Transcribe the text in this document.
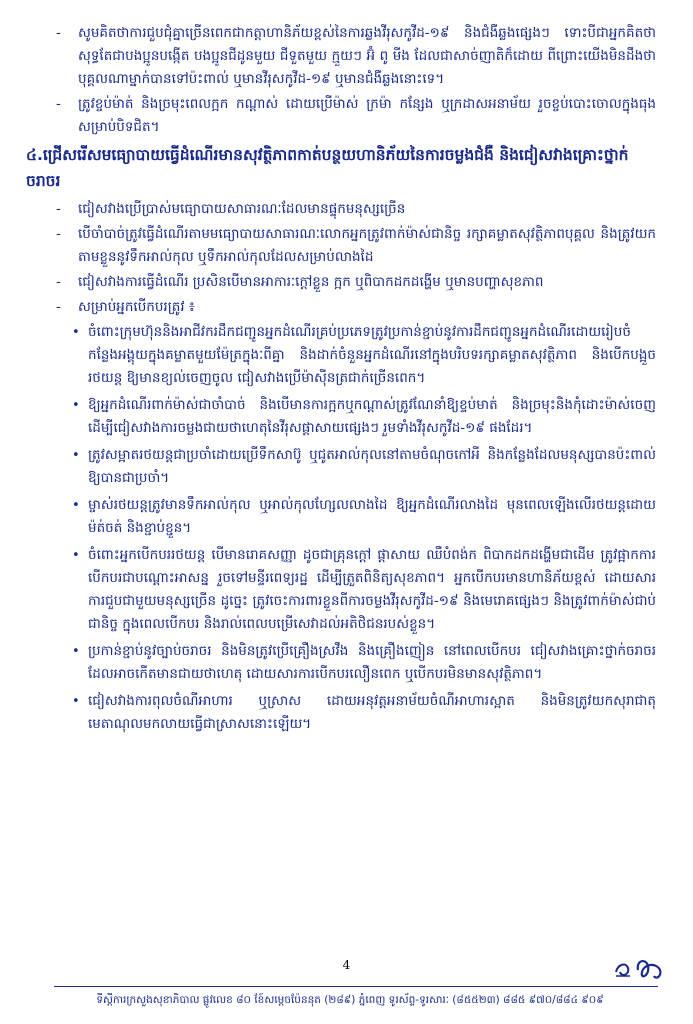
-	សូមគិតថាការជួបជុំគ្នាច្រើនពេកជាកត្តាហានិភ័យខ្ពស់នៃការឆ្លងវីរុសកូវីដ-១៩ និងជំងឺឆ្លងផ្សេងៗ ទោះបីជាអ្នកគិតថាសុទ្ធតែជាបងប្អូនបង្កើត បងប្អូនជីដូនមួយ ជីទួតមួយ ក្មួយៗ អ៊ំ ពូ មីង ដែលជាសាច់ញាតិក៏ដោយ ពីព្រោះយើងមិនដឹងថាបុគ្គលណាម្នាក់បានទៅប៉ះពាល់ ឬមានវីរុសកូវីដ-១៩ ឬមានជំងឺឆ្លងនោះទេ។
-	ត្រូវខ្ចប់ម៉ាត់ និងច្រមុះពេលក្អក កណ្តាស់ ដោយប្រើម៉ាស់ ក្រម៉ា កន្សែង ឬក្រដាសអនាម័យ រួចខ្ចប់បោះចោលក្នុងធុងសម្រាប់បិទជិត។
៤.ជ្រើសរើសមធ្យោបាយធ្វើដំណើរមានសុវត្ថិភាពកាត់បន្ថយហានិភ័យនៃការចម្លងជំងឺ និងជៀសវាងគ្រោះថ្នាក់ចរាចរ
-	ជៀសវាងប្រើប្រាស់មធ្យោបាយសាធារណៈដែលមានផ្ទុកមនុស្សច្រើន
-	បើចាំបាច់ត្រូវធ្វើដំណើរតាមមធ្យោបាយសាធារណៈលោកអ្នកត្រូវពាក់ម៉ាស់ជានិច្ច រក្សាគម្លាតសុវត្ថិភាពបុគ្គល និងត្រូវយកតាមខ្លួននូវទឹកអាល់កុល ឬទឹកអាល់កុលដែលសម្រាប់លាងដៃ
-	ជៀសវាងការធ្វើដំណើរ ប្រសិនបើមានអាការៈក្តៅខ្លួន ក្អក ឬពិបាកដកដង្ហើម ឬមានបញ្ហាសុខភាព
-	សម្រាប់អ្នកបើកបរត្រូវ ៖
• ចំពោះក្រុមហ៊ុននិងអាជីវករដឹកជញ្ជូនអ្នកដំណើរគ្រប់ប្រភេទត្រូវប្រកាន់ខ្ជាប់នូវការដឹកជញ្ជូនអ្នកដំណើរដោយរៀបចំកន្លែងអង្គុយក្នុងគម្លាតមួយម៉ែត្រក្នុងៈពីគ្នា និងដាក់ចំនួនអ្នកដំណើរនៅក្នុងបរិបទរក្សាគម្លាតសុវត្ថិភាព និងបើកបង្អួច រថយន្ត ឱ្យមានខ្យល់ចេញចូល ជៀសវាងប្រើម៉ាស៊ីនត្រជាក់ច្រើនពេក។
• ឱ្យអ្នកដំណើរពាក់ម៉ាស់ជាចាំបាច់ និងបើមានការក្អកឬកណ្តាស់ត្រូវណែនាំឱ្យខ្ទប់មាត់ និងច្រមុះនិងកុំដោះម៉ាស់ចេញ ដើម្បីជៀសវាងការចម្លងជាយថាហេតុនៃវីរុសផ្តាសាយផ្សេងៗ រួមទាំងវីរុសកូវីដ-១៩ ផងដែរ។
• ត្រូវសម្អាតរថយន្តជាប្រចាំដោយប្រើទឹកសាប៊ូ ឬជូតអាល់កុលនៅតាមចំណុចកៅអី និងកន្លែងដែលមនុស្សបានប៉ះពាល់ ឱ្យបានជាប្រចាំ។
• ម្ចាស់រថយន្តត្រូវមានទឹកអាល់កុល ឬអាល់កុលហ្សែលលាងដៃ ឱ្យអ្នកដំណើរលាងដៃ មុនពេលឡើងលើរថយន្តដោយម៉ត់ចត់ និងខ្ជាប់ខ្ជួន។
• ចំពោះអ្នកបើកបររថយន្ត បើមានរោគសញ្ញា ដូចជាគ្រុនក្តៅ ផ្តាសាយ ឈឺបំពង់ក ពិបាកដកដង្ហើមជាដើម ត្រូវផ្អាកការបើកបរជាបណ្តោះអាសន្ន រួចទៅមន្ទីរពេទ្យរដ្ឋ ដើម្បីត្រួតពិនិត្យសុខភាព។ អ្នកបើកបរមានហានិភ័យខ្ពស់ ដោយសារការជួបជាមួយមនុស្សច្រើន ដូច្នេះ ត្រូវចេះការពារខ្លួនពីការចម្លងវីរុសកូវីដ-១៩ និងមេរោគផ្សេងៗ និងត្រូវពាក់ម៉ាស់ជាប់ជានិច្ច ក្នុងពេលបើកបរ និងរាល់ពេលបម្រើសេវាដល់អតិថិជនរបស់ខ្លួន។
• ប្រកាន់ខ្ជាប់នូវច្បាប់ចរាចរ និងមិនត្រូវប្រើគ្រឿងស្រវឹង និងគ្រឿងញៀន នៅពេលបើកបរ ជៀសវាងគ្រោះថ្នាក់ចរាចរ ដែលអាចកើតមានជាយថាហេតុ ដោយសារការបើកបរលឿនពេក ឬបើកបរមិនមានសុវត្ថិភាព។
• ជៀសវាងការពុលចំណីអាហារ ឬស្រាស ដោយអនុវត្តអនាម័យចំណីអាហារស្អាត និងមិនត្រូវយកសុរាជាតុមេតាណុលមកលាយធ្វើជាស្រាសនោះឡើយ។
4
ទីស្តីការក្រសួងសុខាភិបាល ផ្លូវលេខ ៨០ ខែ៍សម្តេចប៉ែននុត (២៨៩) ភ្នំពេញ ទូរស័ព្ទ-ទូរសារៈ (៨៥៥២៣) ៨៨៥ ៩៧០/៨៨៤ ៩០៩
